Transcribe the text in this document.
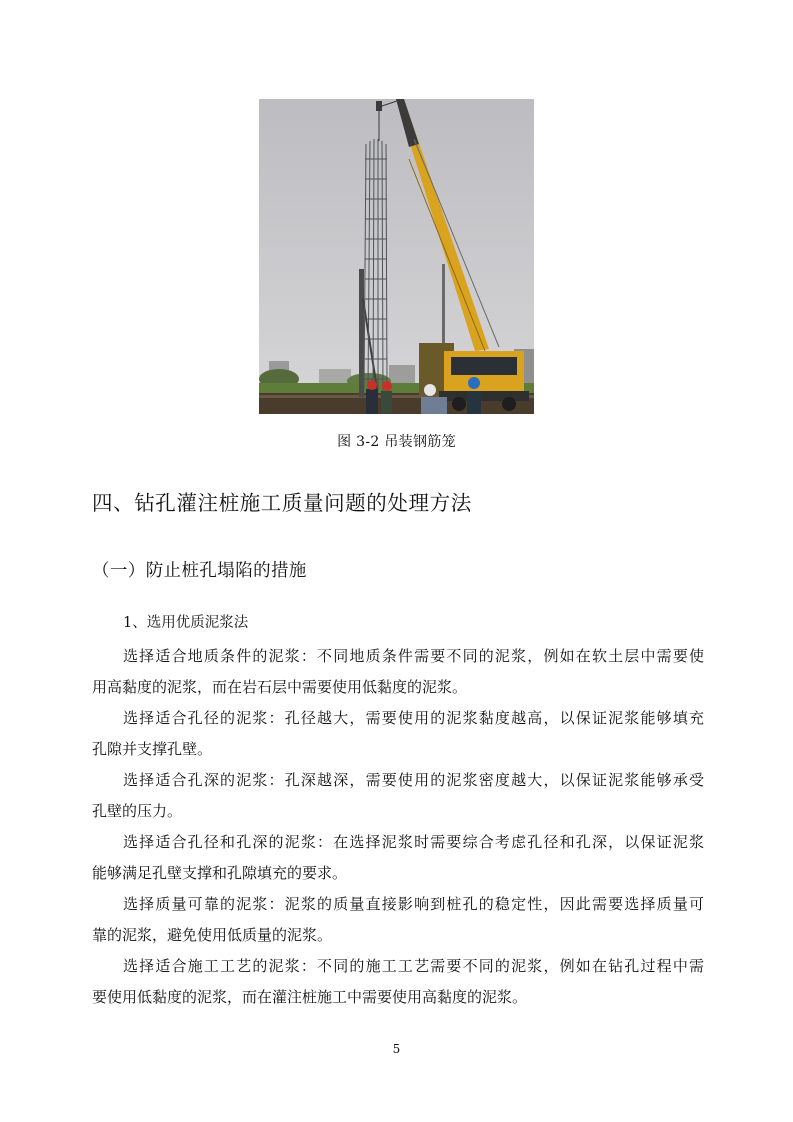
图 3-2 吊装钢筋笼
四、钻孔灌注桩施工质量问题的处理方法
（一）防止桩孔塌陷的措施
1、选用优质泥浆法
选择适合地质条件的泥浆：不同地质条件需要不同的泥浆，例如在软土层中需要使
用高黏度的泥浆，而在岩石层中需要使用低黏度的泥浆。
选择适合孔径的泥浆：孔径越大，需要使用的泥浆黏度越高，以保证泥浆能够填充
孔隙并支撑孔壁。
选择适合孔深的泥浆：孔深越深，需要使用的泥浆密度越大，以保证泥浆能够承受
孔壁的压力。
选择适合孔径和孔深的泥浆：在选择泥浆时需要综合考虑孔径和孔深，以保证泥浆
能够满足孔壁支撑和孔隙填充的要求。
选择质量可靠的泥浆：泥浆的质量直接影响到桩孔的稳定性，因此需要选择质量可
靠的泥浆，避免使用低质量的泥浆。
选择适合施工工艺的泥浆：不同的施工工艺需要不同的泥浆，例如在钻孔过程中需
要使用低黏度的泥浆，而在灌注桩施工中需要使用高黏度的泥浆。
5
